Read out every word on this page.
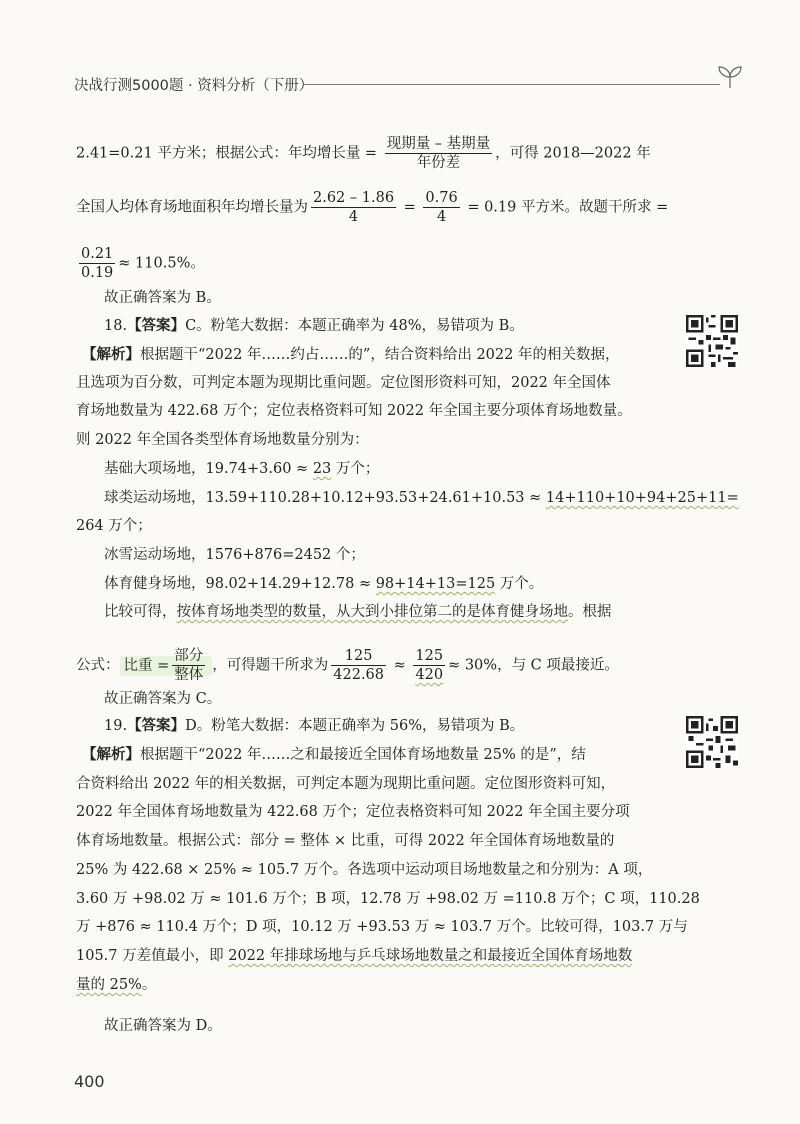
决战行测5000题 · 资料分析（下册）
2.41=0.21 平方米；根据公式：年均增长量 = $\frac{\text{现期量 – 基期量}}{\text{年份差}}$ ，可得 2018—2022 年
全国人均体育场地面积年均增长量为 $\frac{2.62 - 1.86}{4} = \frac{0.76}{4} = 0.19$ 平方米。故题干所求 =
$\frac{0.21}{0.19} \approx 110.5\%$。
故正确答案为 B。
18.【答案】C。粉笔大数据：本题正确率为 48%，易错项为 B。
【解析】根据题干“2022 年……约占……的”，结合资料给出 2022 年的相关数据，
且选项为百分数，可判定本题为现期比重问题。定位图形资料可知，2022 年全国体
育场地数量为 422.68 万个；定位表格资料可知 2022 年全国主要分项体育场地数量。
则 2022 年全国各类型体育场地数量分别为：
基础大项场地，19.74+3.60 ≈ 23 万个；
球类运动场地，13.59+110.28+10.12+93.53+24.61+10.53 ≈ 14+110+10+94+25+11=
264 万个；
冰雪运动场地，1576+876=2452 个；
体育健身场地，98.02+14.29+12.78 ≈ 98+14+13=125 万个。
比较可得，按体育场地类型的数量，从大到小排位第二的是体育健身场地。根据
公式： 比重 = $\frac{\text{部分}}{\text{整体}}$ ，可得题干所求为 $\frac{125}{422.68} \approx \frac{125}{420} \approx 30\%$，与 C 项最接近。
故正确答案为 C。
19.【答案】D。粉笔大数据：本题正确率为 56%，易错项为 B。
【解析】根据题干“2022 年……之和最接近全国体育场地数量 25% 的是”，结
合资料给出 2022 年的相关数据，可判定本题为现期比重问题。定位图形资料可知，
2022 年全国体育场地数量为 422.68 万个；定位表格资料可知 2022 年全国主要分项
体育场地数量。根据公式：部分 = 整体 × 比重，可得 2022 年全国体育场地数量的
25% 为 422.68 × 25% ≈ 105.7 万个。各选项中运动项目场地数量之和分别为：A 项，
3.60 万 +98.02 万 ≈ 101.6 万个；B 项，12.78 万 +98.02 万 =110.8 万个；C 项，110.28
万 +876 ≈ 110.4 万个；D 项，10.12 万 +93.53 万 ≈ 103.7 万个。比较可得，103.7 万与
105.7 万差值最小，即 2022 年排球场地与乒乓球场地数量之和最接近全国体育场地数
量的 25%。
故正确答案为 D。
400
